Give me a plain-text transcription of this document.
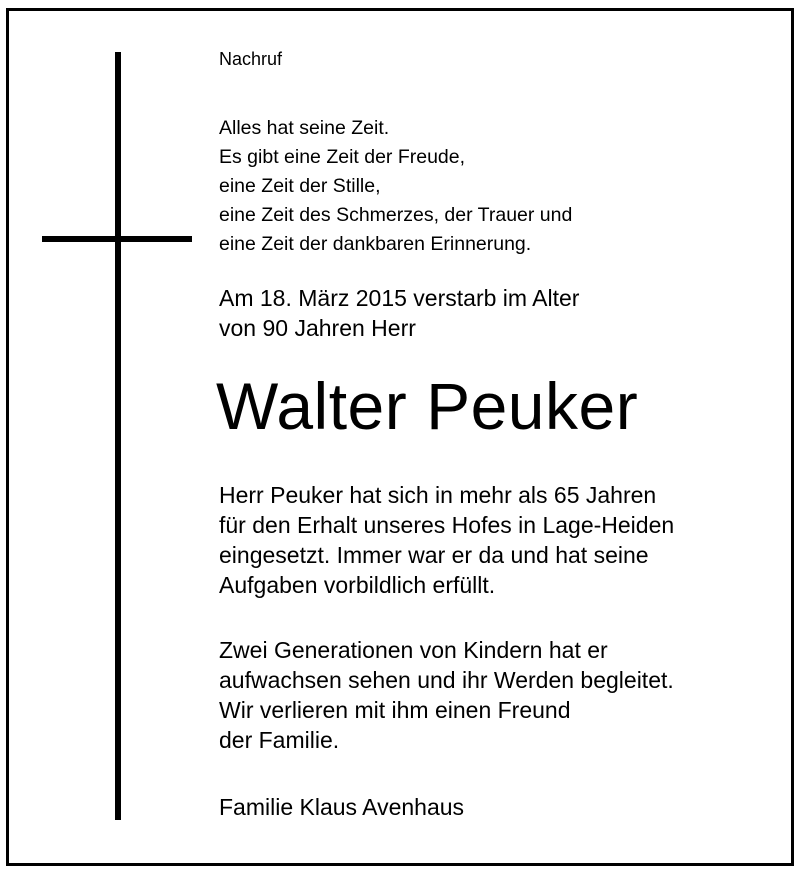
Nachruf

Alles hat seine Zeit.
Es gibt eine Zeit der Freude,
eine Zeit der Stille,
eine Zeit des Schmerzes, der Trauer und
eine Zeit der dankbaren Erinnerung.

Am 18. März 2015 verstarb im Alter
von 90 Jahren Herr

Walter Peuker

Herr Peuker hat sich in mehr als 65 Jahren
für den Erhalt unseres Hofes in Lage-Heiden
eingesetzt. Immer war er da und hat seine
Aufgaben vorbildlich erfüllt.

Zwei Generationen von Kindern hat er
aufwachsen sehen und ihr Werden begleitet.
Wir verlieren mit ihm einen Freund
der Familie.

Familie Klaus Avenhaus
